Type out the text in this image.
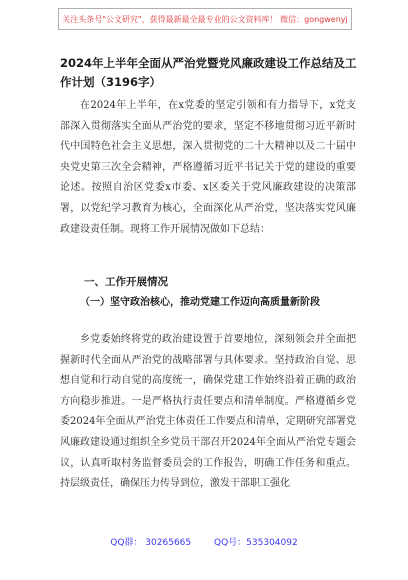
关注头条号"公文研究"，获得最新最全最专业的公文资料库！ 微信：gongwenyj
2024年上半年全面从严治党暨党风廉政建设工作总结及工作计划（3196字）

在2024年上半年，在x党委的坚定引领和有力指导下，x党支部深入贯彻落实全面从严治党的要求，坚定不移地贯彻习近平新时代中国特色社会主义思想，深入贯彻党的二十大精神以及二十届中央党史第三次全会精神，严格遵循习近平书记关于党的建设的重要论述。按照自治区党委x市委、x区委关于党风廉政建设的决策部署，以党纪学习教育为核心，全面深化从严治党，坚决落实党风廉政建设责任制。现将工作开展情况做如下总结：

一、工作开展情况
（一）坚守政治核心，推动党建工作迈向高质量新阶段

乡党委始终将党的政治建设置于首要地位，深刻领会并全面把握新时代全面从严治党的战略部署与具体要求。坚持政治自觉、思想自觉和行动自觉的高度统一，确保党建工作始终沿着正确的政治方向稳步推进。一是严格执行责任要点和清单制度。严格遵循乡党委2024年全面从严治党主体责任工作要点和清单，定期研究部署党风廉政建设通过组织全乡党员干部召开2024年全面从严治党专题会议，认真听取村务监督委员会的工作报告，明确工作任务和重点。持层级责任，确保压力传导到位，激发干部职工强化

QQ群： 30265665        QQ号：535304092
